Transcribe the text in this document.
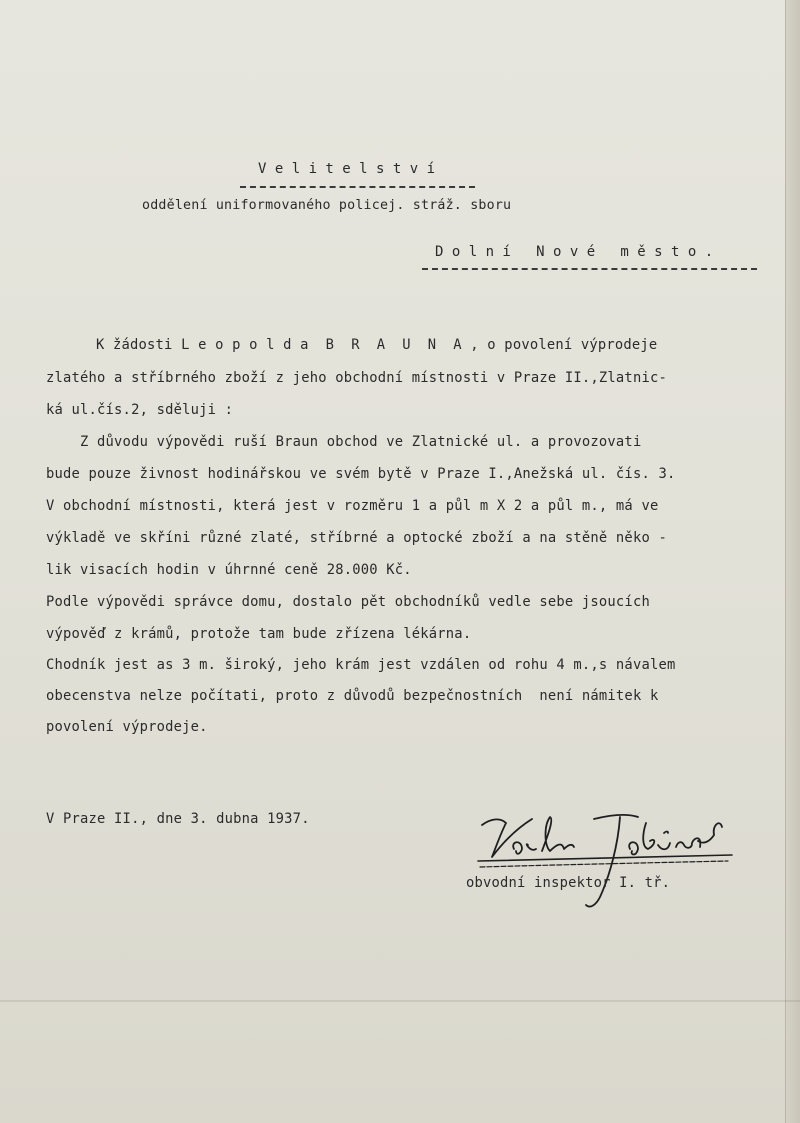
V e l i t e l s t v í
oddělení uniformovaného policej. stráž. sboru
D o l n í   N o v é   m ě s t o .
K žádosti L e o p o l d a  B  R  A  U  N  A , o povolení výprodeje
zlatého a stříbrného zboží z jeho obchodní místnosti v Praze II.,Zlatnic-
ká ul.čís.2, sděluji :
Z důvodu výpovědi ruší Braun obchod ve Zlatnické ul. a provozovati
bude pouze živnost hodinářskou ve svém bytě v Praze I.,Anežská ul. čís. 3.
V obchodní místnosti, která jest v rozměru 1 a půl m X 2 a půl m., má ve
výkladě ve skříni různé zlaté, stříbrné a optocké zboží a na stěně něko -
lik visacích hodin v úhrnné ceně 28.000 Kč.
Podle výpovědi správce domu, dostalo pět obchodníků vedle sebe jsoucích
výpověď z krámů, protože tam bude zřízena lékárna.
Chodník jest as 3 m. široký, jeho krám jest vzdálen od rohu 4 m.,s návalem
obecenstva nelze počítati, proto z důvodů bezpečnostních  není námitek k
povolení výprodeje.
V Praze II., dne 3. dubna 1937.
obvodní inspektor I. tř.
